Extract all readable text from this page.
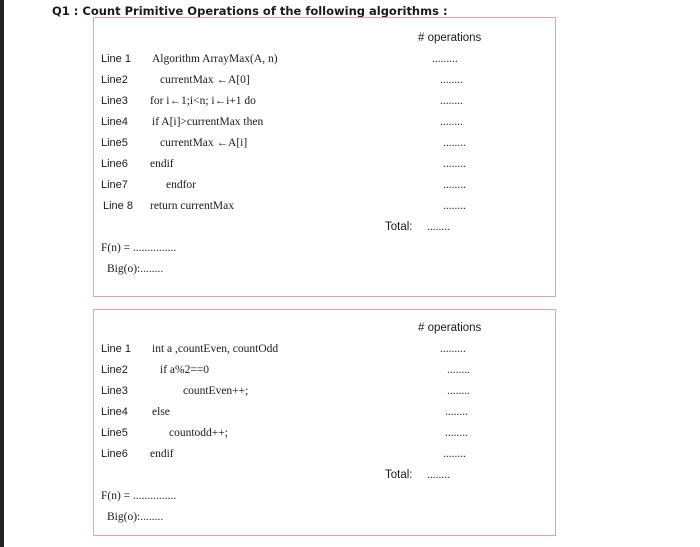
Q1 : Count Primitive Operations of the following algorithms :
# operations
Line 1 Algorithm ArrayMax(A, n)	.........
Line2	currentMax ←A[0]	........
Line3 for i←1;i<n; i←i+1 do	........
Line4 if A[i]>currentMax then	........
Line5	currentMax ←A[i]	........
Line6 endif	........
Line7	endfor	........
Line 8 return currentMax	........
Total: ........
F(n) = ...............
Big(o):........
# operations
Line 1 int a ,countEven, countOdd	.........
Line2	if a%2==0	........
Line3	countEven++;	........
Line4 else	........
Line5	countodd++;	........
Line6 endif	........
Total: ........
F(n) = ...............
Big(o):........
